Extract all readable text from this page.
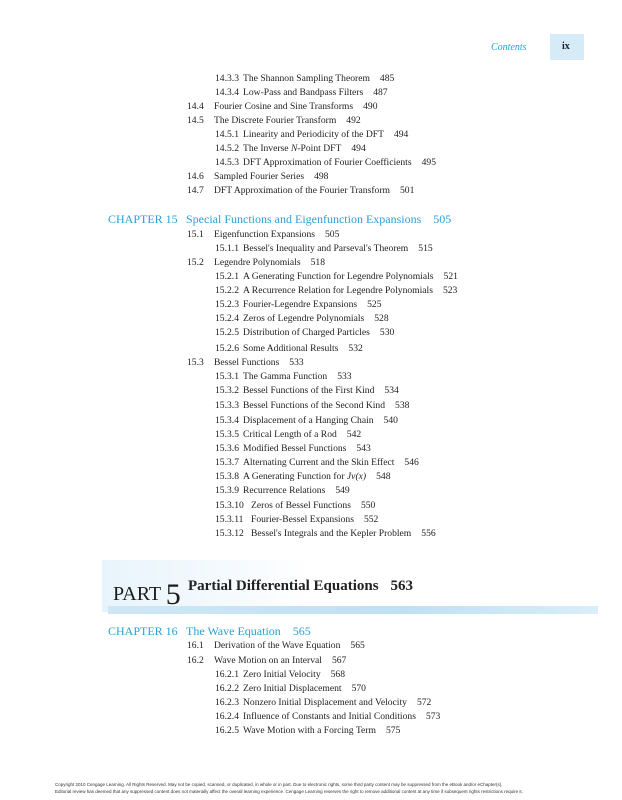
Contents	ix
14.3.3 The Shannon Sampling Theorem 485
14.3.4 Low-Pass and Bandpass Filters 487
14.4 Fourier Cosine and Sine Transforms 490
14.5 The Discrete Fourier Transform 492
14.5.1 Linearity and Periodicity of the DFT 494
14.5.2 The Inverse N-Point DFT 494
14.5.3 DFT Approximation of Fourier Coefficients 495
14.6 Sampled Fourier Series 498
14.7 DFT Approximation of the Fourier Transform 501
CHAPTER 15 Special Functions and Eigenfunction Expansions 505
15.1 Eigenfunction Expansions 505
15.1.1 Bessel's Inequality and Parseval's Theorem 515
15.2 Legendre Polynomials 518
15.2.1 A Generating Function for Legendre Polynomials 521
15.2.2 A Recurrence Relation for Legendre Polynomials 523
15.2.3 Fourier-Legendre Expansions 525
15.2.4 Zeros of Legendre Polynomials 528
15.2.5 Distribution of Charged Particles 530
15.2.6 Some Additional Results 532
15.3 Bessel Functions 533
15.3.1 The Gamma Function 533
15.3.2 Bessel Functions of the First Kind 534
15.3.3 Bessel Functions of the Second Kind 538
15.3.4 Displacement of a Hanging Chain 540
15.3.5 Critical Length of a Rod 542
15.3.6 Modified Bessel Functions 543
15.3.7 Alternating Current and the Skin Effect 546
15.3.8 A Generating Function for Jν(x) 548
15.3.9 Recurrence Relations 549
15.3.10 Zeros of Bessel Functions 550
15.3.11 Fourier-Bessel Expansions 552
15.3.12 Bessel's Integrals and the Kepler Problem 556
PART 5 Partial Differential Equations 563
CHAPTER 16 The Wave Equation 565
16.1 Derivation of the Wave Equation 565
16.2 Wave Motion on an Interval 567
16.2.1 Zero Initial Velocity 568
16.2.2 Zero Initial Displacement 570
16.2.3 Nonzero Initial Displacement and Velocity 572
16.2.4 Influence of Constants and Initial Conditions 573
16.2.5 Wave Motion with a Forcing Term 575
Copyright 2010 Cengage Learning. All Rights Reserved. May not be copied, scanned, or duplicated, in whole or in part. Due to electronic rights, some third party content may be suppressed from the eBook and/or eChapter(s).
Editorial review has deemed that any suppressed content does not materially affect the overall learning experience. Cengage Learning reserves the right to remove additional content at any time if subsequent rights restrictions require it.
